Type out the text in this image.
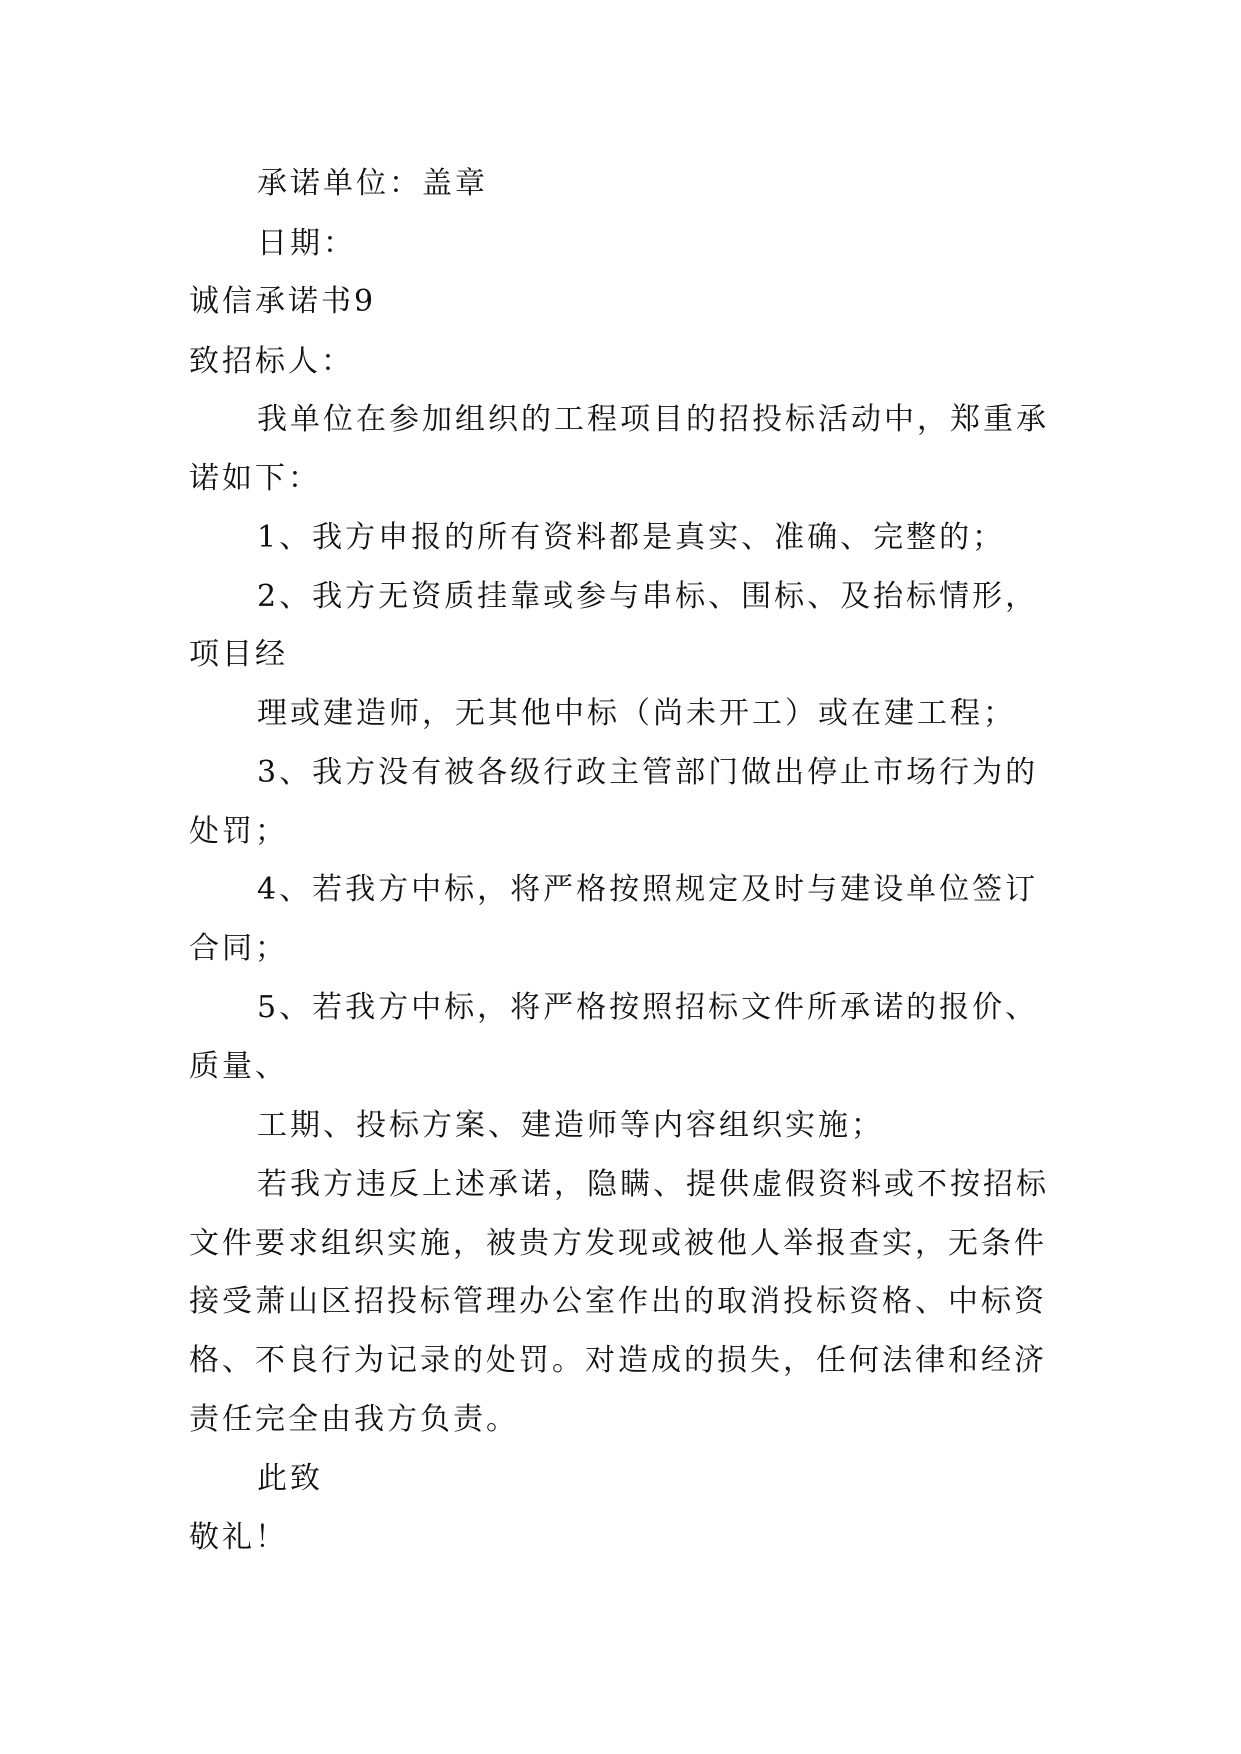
承诺单位：盖章
日期：
诚信承诺书9
致招标人：
我单位在参加组织的工程项目的招投标活动中，郑重承
诺如下：
1、我方申报的所有资料都是真实、准确、完整的；
2、我方无资质挂靠或参与串标、围标、及抬标情形，
项目经
理或建造师，无其他中标（尚未开工）或在建工程；
3、我方没有被各级行政主管部门做出停止市场行为的
处罚；
4、若我方中标，将严格按照规定及时与建设单位签订
合同；
5、若我方中标，将严格按照招标文件所承诺的报价、
质量、
工期、投标方案、建造师等内容组织实施；
若我方违反上述承诺，隐瞒、提供虚假资料或不按招标
文件要求组织实施，被贵方发现或被他人举报查实，无条件
接受萧山区招投标管理办公室作出的取消投标资格、中标资
格、不良行为记录的处罚。对造成的损失，任何法律和经济
责任完全由我方负责。
此致
敬礼！
